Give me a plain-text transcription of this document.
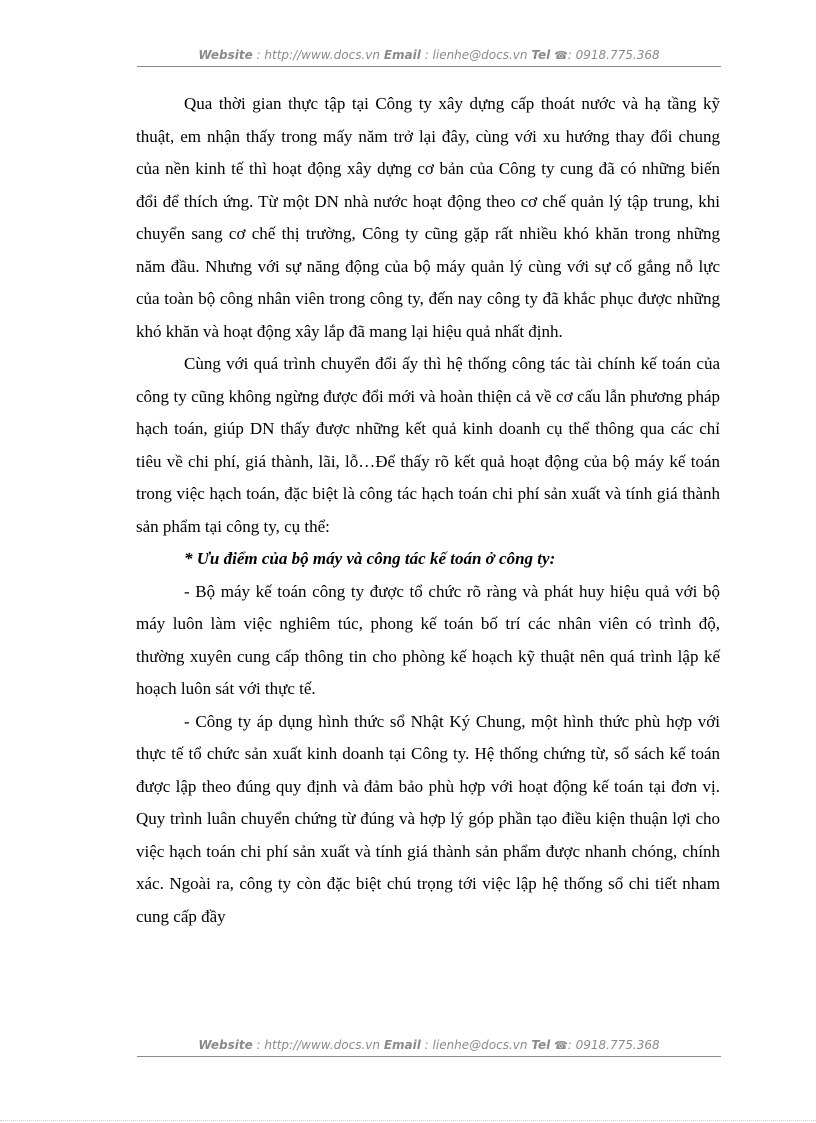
Website : http://www.docs.vn Email : lienhe@docs.vn Tel ☎: 0918.775.368

Qua thời gian thực tập tại Công ty xây dựng cấp thoát nước và hạ tầng kỹ thuật, em nhận thấy trong mấy năm trở lại đây, cùng với xu hướng thay đổi chung của nền kinh tế thì hoạt động xây dựng cơ bản của Công ty cung đã có những biến đổi để thích ứng. Từ một DN nhà nước hoạt động theo cơ chế quản lý tập trung, khi chuyển sang cơ chế thị trường, Công ty cũng gặp rất nhiều khó khăn trong những năm đầu. Nhưng với sự năng động của bộ máy quản lý cùng với sự cố gắng nỗ lực của toàn bộ công nhân viên trong công ty, đến nay công ty đã khắc phục được những khó khăn và hoạt động xây lắp đã mang lại hiệu quả nhất định.

Cùng với quá trình chuyển đổi ấy thì hệ thống công tác tài chính kế toán của công ty cũng không ngừng được đổi mới và hoàn thiện cả về cơ cấu lẫn phương pháp hạch toán, giúp DN thấy được những kết quả kinh doanh cụ thể thông qua các chỉ tiêu về chi phí, giá thành, lãi, lỗ…Để thấy rõ kết quả hoạt động của bộ máy kế toán trong việc hạch toán, đặc biệt là công tác hạch toán chi phí sản xuất và tính giá thành sản phẩm tại công ty, cụ thể:

* Ưu điểm của bộ máy và công tác kế toán ở công ty:

- Bộ máy kế toán công ty được tổ chức rõ ràng và phát huy hiệu quả với bộ máy luôn làm việc nghiêm túc, phong kế toán bố trí các nhân viên có trình độ, thường xuyên cung cấp thông tin cho phòng kế hoạch kỹ thuật nên quá trình lập kế hoạch luôn sát với thực tế.

- Công ty áp dụng hình thức sổ Nhật Ký Chung, một hình thức phù hợp với thực tế tổ chức sản xuất kinh doanh tại Công ty. Hệ thống chứng từ, sổ sách kế toán được lập theo đúng quy định và đảm bảo phù hợp với hoạt động kế toán tại đơn vị. Quy trình luân chuyển chứng từ đúng và hợp lý góp phần tạo điều kiện thuận lợi cho việc hạch toán chi phí sản xuất và tính giá thành sản phẩm được nhanh chóng, chính xác. Ngoài ra, công ty còn đặc biệt chú trọng tới việc lập hệ thống sổ chi tiết nham cung cấp đầy

Website : http://www.docs.vn Email : lienhe@docs.vn Tel ☎: 0918.775.368
